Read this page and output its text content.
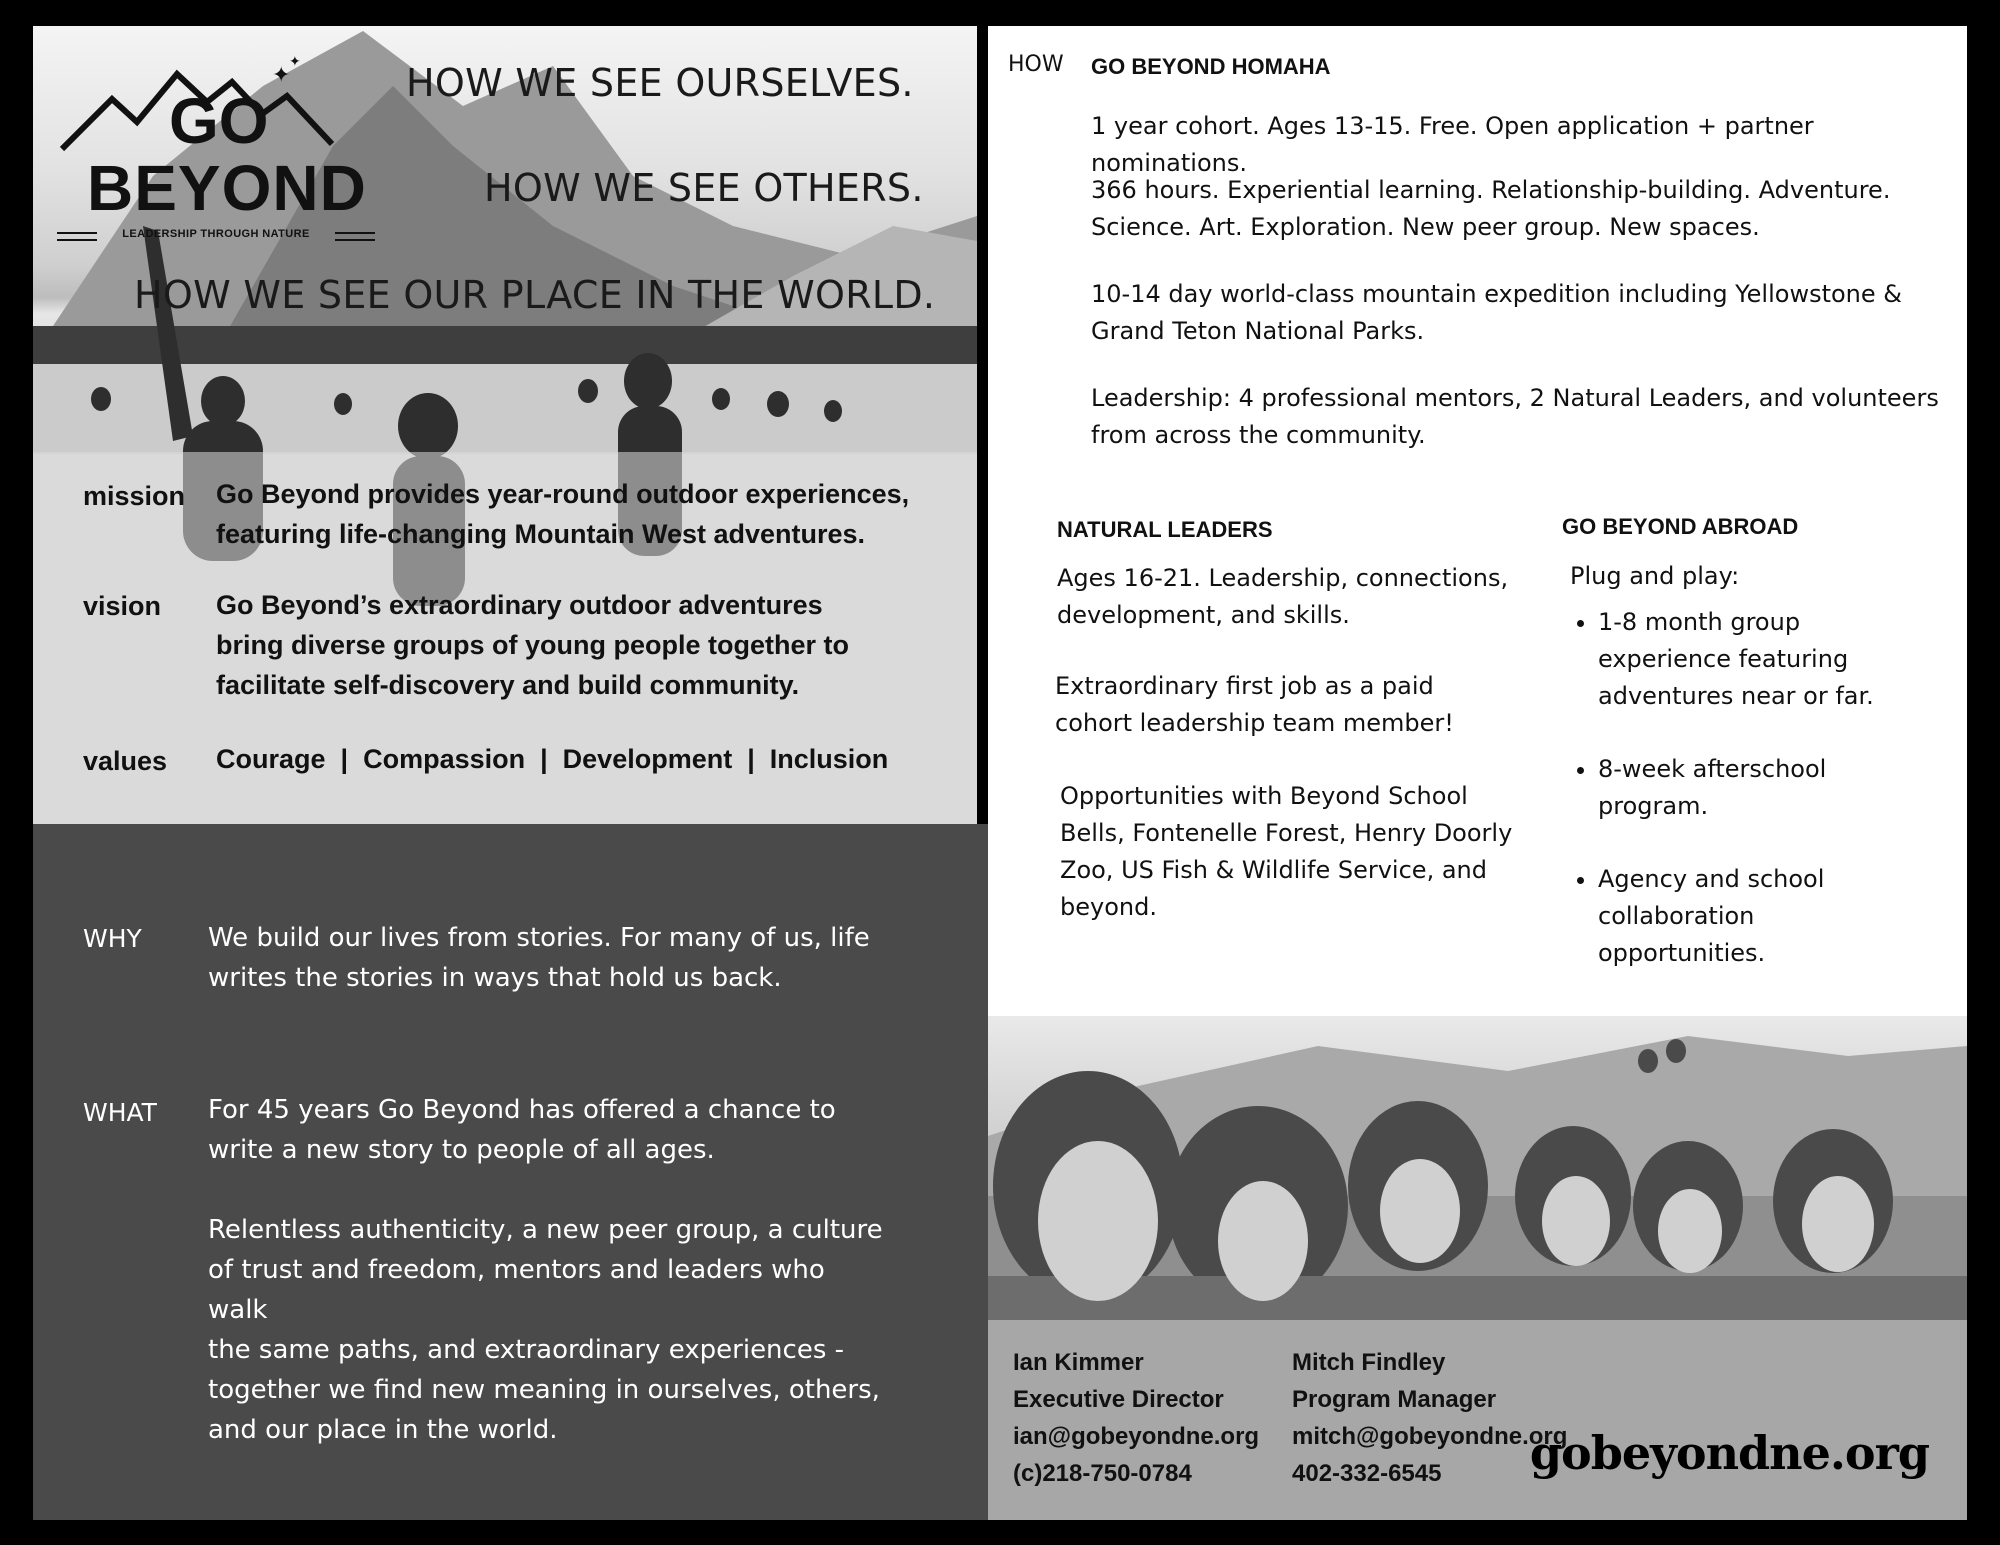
✦
✦
GO
BEYOND
LEADERSHIP THROUGH NATURE
HOW WE SEE OURSELVES.
HOW WE SEE OTHERS.
HOW WE SEE OUR PLACE IN THE WORLD.
mission Go Beyond provides year-round outdoor experiences,
featuring life-changing Mountain West adventures.
vision Go Beyond’s extraordinary outdoor adventures
bring diverse groups of young people together to
facilitate self-discovery and build community.
values Courage  |  Compassion  |  Development  |  Inclusion
WHY	We build our lives from stories. For many of us, life
writes the stories in ways that hold us back.
WHAT For 45 years Go Beyond has offered a chance to
write a new story to people of all ages.
Relentless authenticity, a new peer group, a culture
of trust and freedom, mentors and leaders who walk
the same paths, and extraordinary experiences -
together we find new meaning in ourselves, others,
and our place in the world.
HOW GO BEYOND HOMAHA
1 year cohort. Ages 13-15. Free. Open application + partner nominations.
366 hours. Experiential learning. Relationship-building. Adventure.
Science. Art. Exploration. New peer group. New spaces.
10-14 day world-class mountain expedition including Yellowstone &
Grand Teton National Parks.
Leadership: 4 professional mentors, 2 Natural Leaders, and volunteers
from across the community.
NATURAL LEADERS
Ages 16-21. Leadership, connections,
development, and skills.
Extraordinary first job as a paid
cohort leadership team member!
Opportunities with Beyond School
Bells, Fontenelle Forest, Henry Doorly
Zoo, US Fish & Wildlife Service, and
beyond.
GO BEYOND ABROAD
Plug and play:
• 1-8 month group
experience featuring
adventures near or far.
• 8-week afterschool
program.
• Agency and school
collaboration
opportunities.
Ian Kimmer
Executive Director
ian@gobeyondne.org
(c)218-750-0784
Mitch Findley
Program Manager
mitch@gobeyondne.org
402-332-6545	gobeyondne.org
